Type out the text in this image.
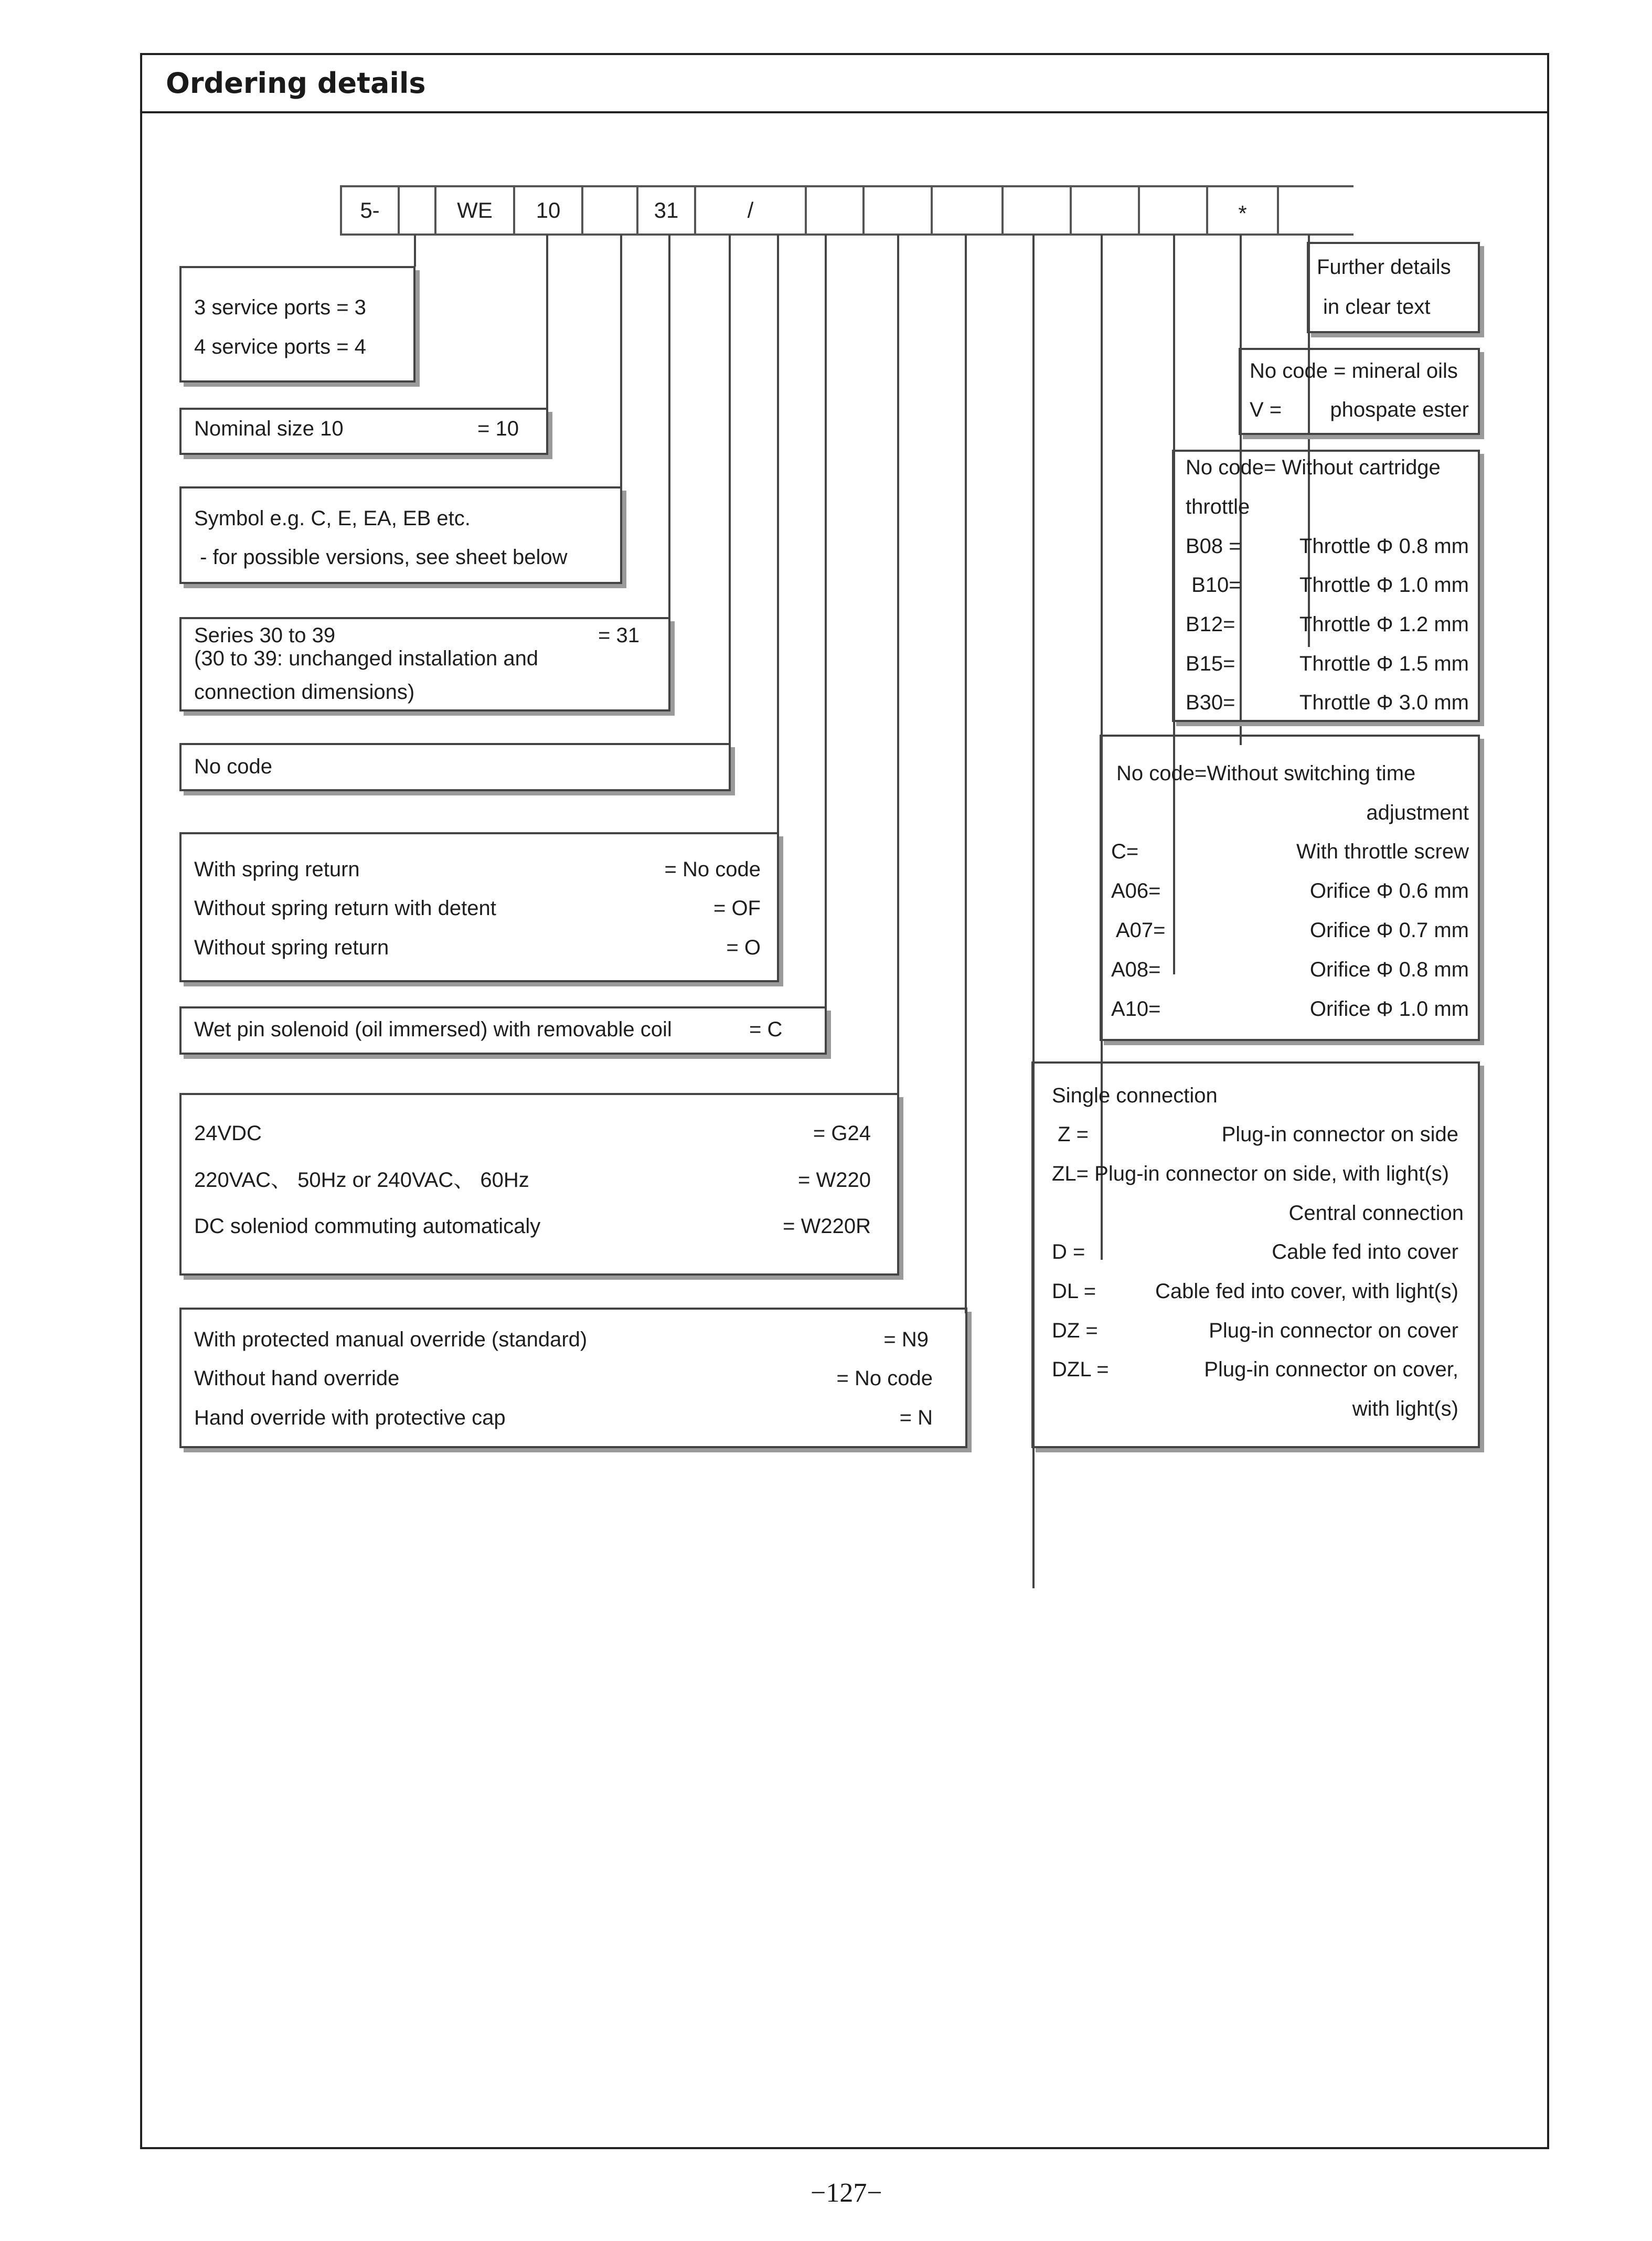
Ordering details
5-	WE	10	31	/	*
3 service ports = 3
4 service ports = 4
Nominal size 10	= 10
Symbol e.g. C, E, EA, EB etc.
- for possible versions, see sheet below
Series 30 to 39	= 31
(30 to 39: unchanged installation and
connection dimensions)
No code
With spring return	= No code
Without spring return with detent	= OF
Without spring return	= O
Wet pin solenoid (oil immersed) with removable coil	= C
24VDC	= G24
220VAC、 50Hz or 240VAC、 60Hz	= W220
DC soleniod commuting automaticaly	= W220R
With protected manual override (standard)	= N9
Without hand override	= No code
Hand override with protective cap	= N
Further details
in clear text
No code = mineral oils
V =	phospate ester
No code= Without cartridge
throttle
B08 =	Throttle Φ 0.8 mm
B10=	Throttle Φ 1.0 mm
B12=	Throttle Φ 1.2 mm
B15=	Throttle Φ 1.5 mm
B30=	Throttle Φ 3.0 mm
No code=Without switching time
adjustment
C=	With throttle screw
A06=	Orifice Φ 0.6 mm
A07=	Orifice Φ 0.7 mm
A08=	Orifice Φ 0.8 mm
A10=	Orifice Φ 1.0 mm
Single connection
Z =	Plug-in connector on side
ZL= Plug-in connector on side, with light(s)
Central connection
D =	Cable fed into cover
DL =	Cable fed into cover, with light(s)
DZ =	Plug-in connector on cover
DZL =	Plug-in connector on cover,
with light(s)
−127−
